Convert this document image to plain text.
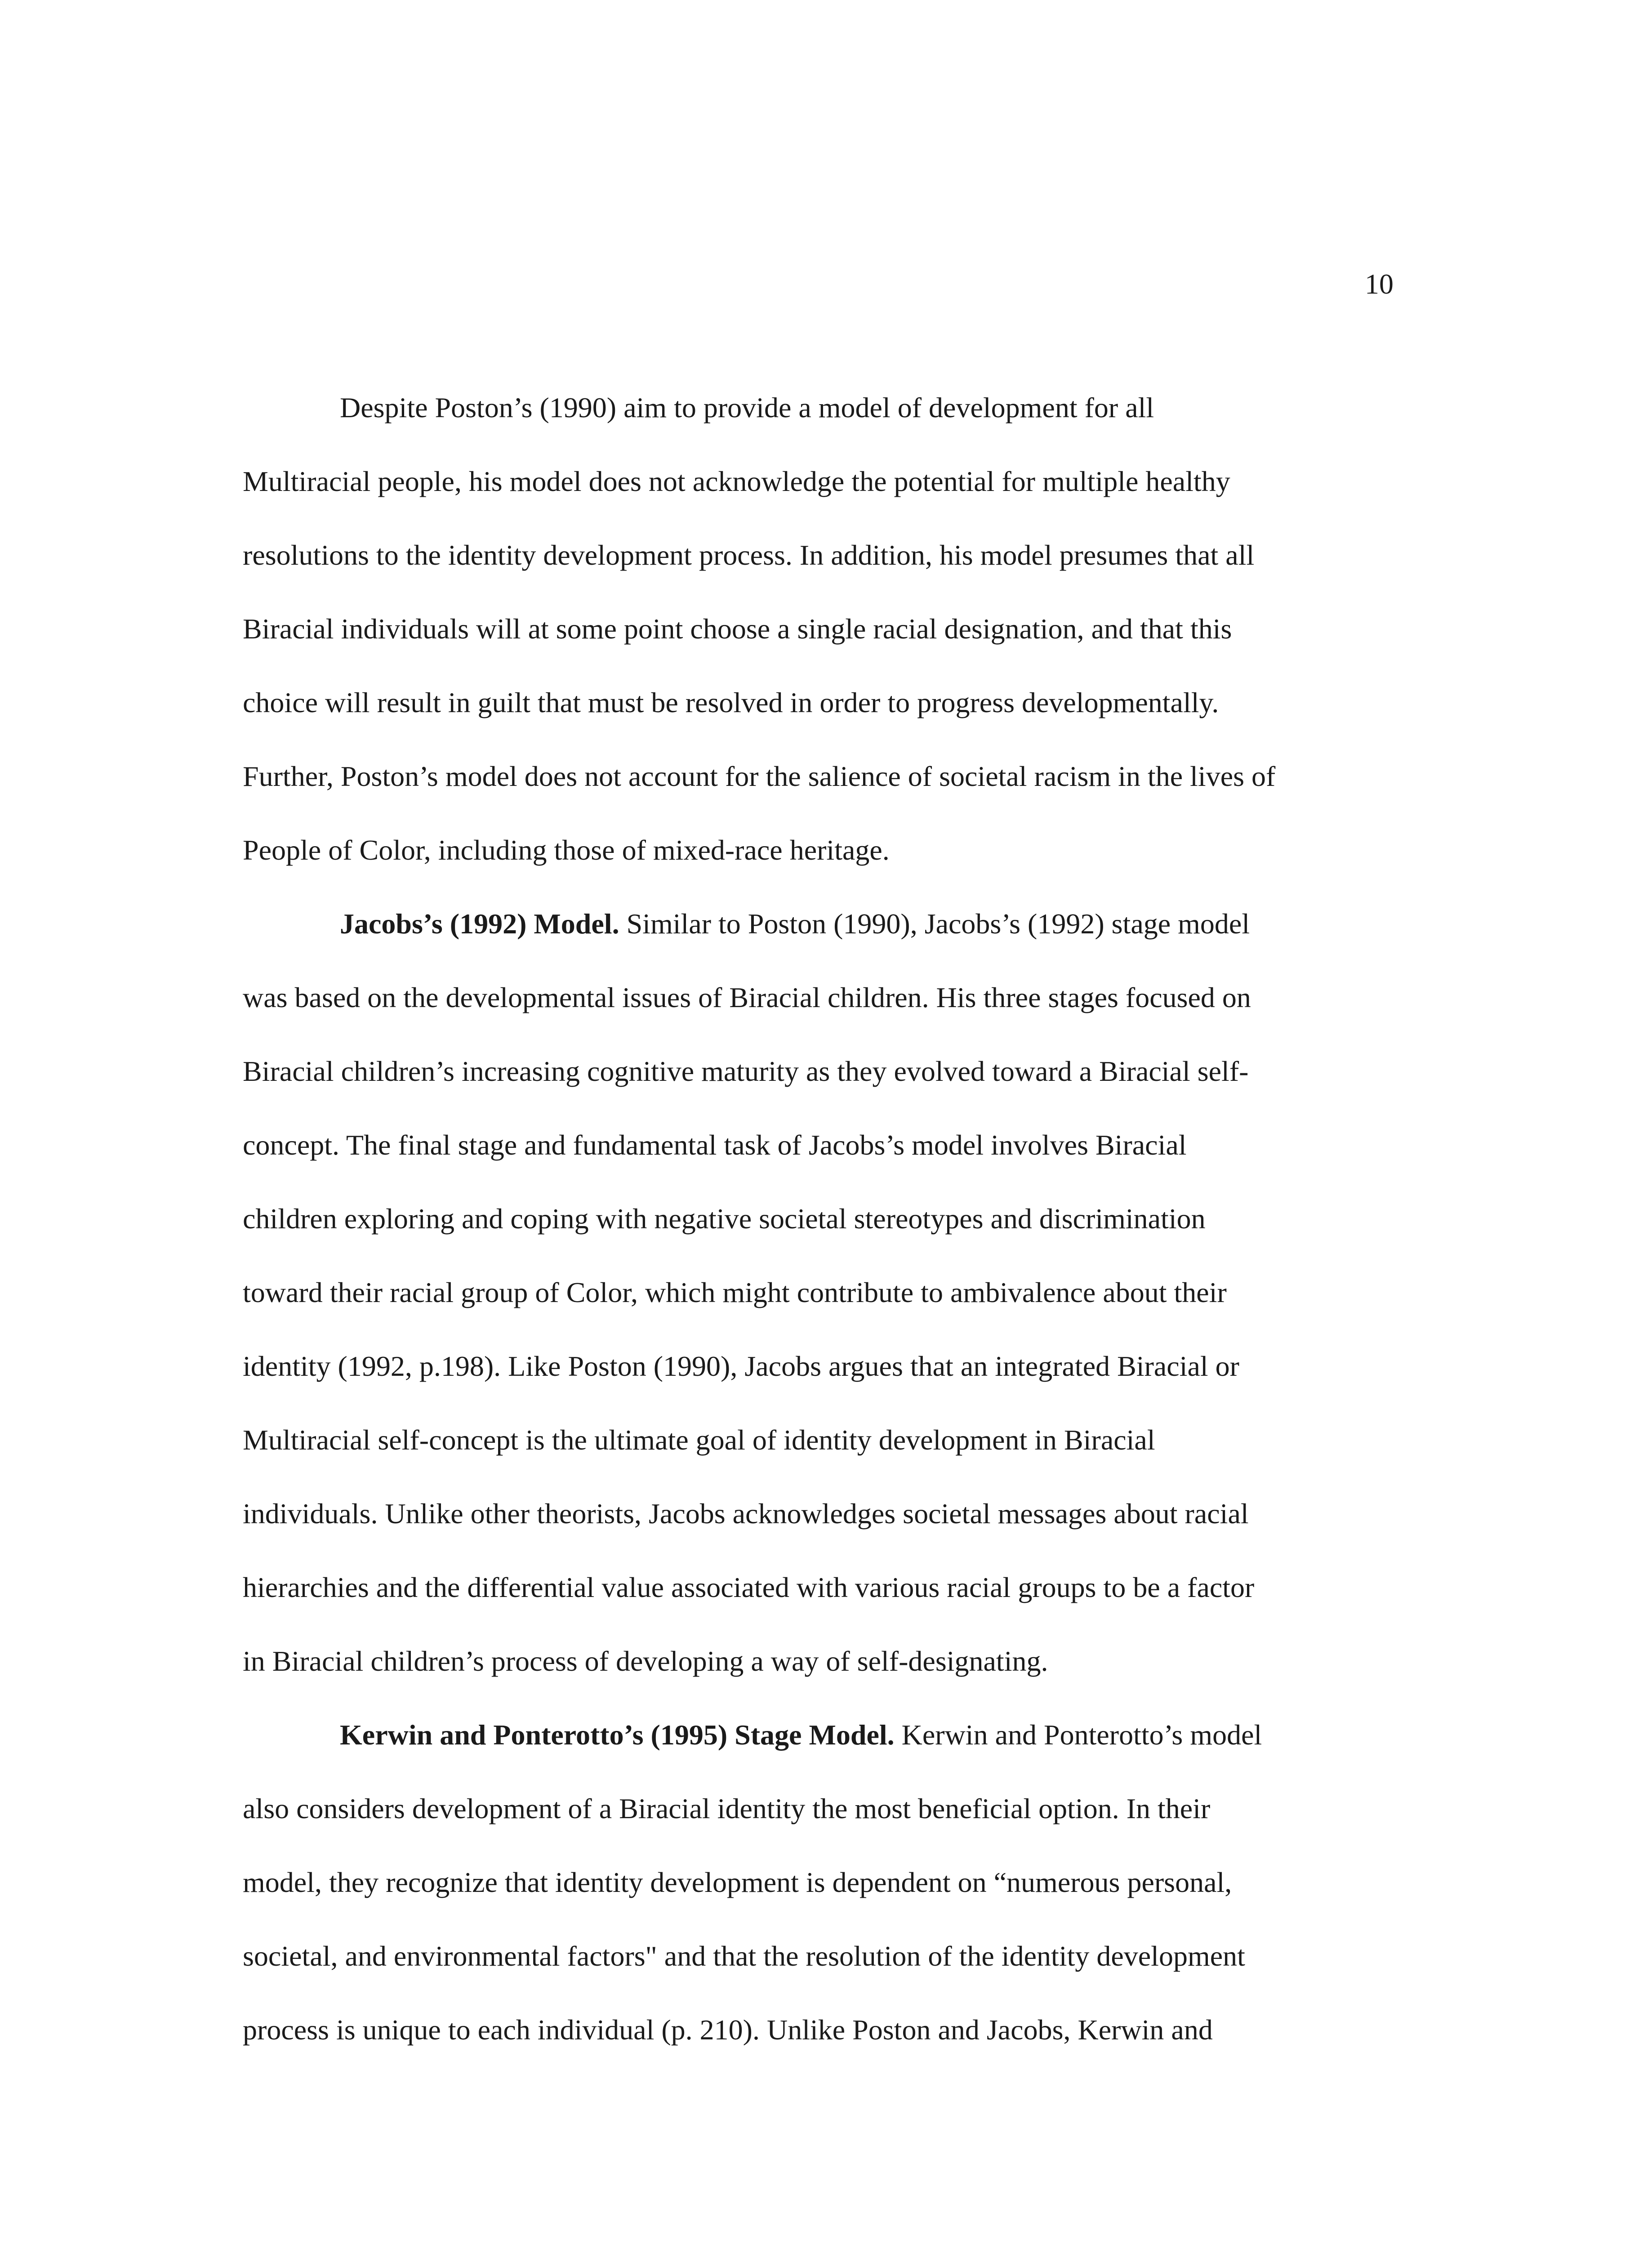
10
Despite Poston’s (1990) aim to provide a model of development for all
Multiracial people, his model does not acknowledge the potential for multiple healthy
resolutions to the identity development process. In addition, his model presumes that all
Biracial individuals will at some point choose a single racial designation, and that this
choice will result in guilt that must be resolved in order to progress developmentally.
Further, Poston’s model does not account for the salience of societal racism in the lives of
People of Color, including those of mixed-race heritage.
Jacobs’s (1992) Model. Similar to Poston (1990), Jacobs’s (1992) stage model
was based on the developmental issues of Biracial children. His three stages focused on
Biracial children’s increasing cognitive maturity as they evolved toward a Biracial self-
concept. The final stage and fundamental task of Jacobs’s model involves Biracial
children exploring and coping with negative societal stereotypes and discrimination
toward their racial group of Color, which might contribute to ambivalence about their
identity (1992, p.198). Like Poston (1990), Jacobs argues that an integrated Biracial or
Multiracial self-concept is the ultimate goal of identity development in Biracial
individuals. Unlike other theorists, Jacobs acknowledges societal messages about racial
hierarchies and the differential value associated with various racial groups to be a factor
in Biracial children’s process of developing a way of self-designating.
Kerwin and Ponterotto’s (1995) Stage Model. Kerwin and Ponterotto’s model
also considers development of a Biracial identity the most beneficial option. In their
model, they recognize that identity development is dependent on “numerous personal,
societal, and environmental factors" and that the resolution of the identity development
process is unique to each individual (p. 210). Unlike Poston and Jacobs, Kerwin and
